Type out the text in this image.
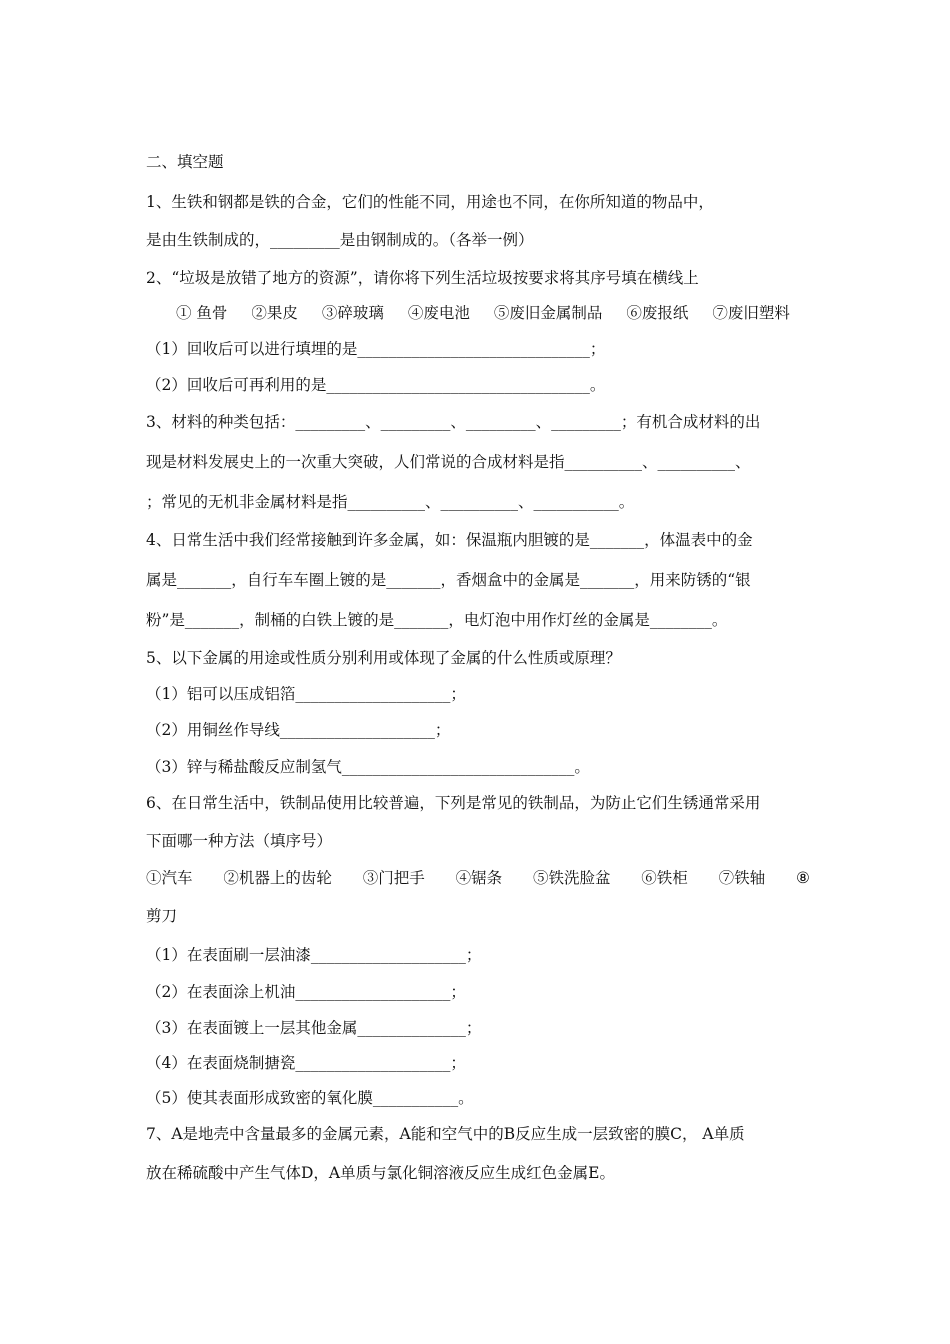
二、填空题
1、生铁和钢都是铁的合金，它们的性能不同，用途也不同，在你所知道的物品中，
是由生铁制成的，_________是由钢制成的。（各举一例）
2、“垃圾是放错了地方的资源”，请你将下列生活垃圾按要求将其序号填在横线上
① 鱼骨 ②果皮 ③碎玻璃 ④废电池 ⑤废旧金属制品 ⑥废报纸 ⑦废旧塑料
（1）回收后可以进行填埋的是______________________________；
（2）回收后可再利用的是__________________________________。
3、材料的种类包括：_________、_________、_________、_________；有机合成材料的出
现是材料发展史上的一次重大突破，人们常说的合成材料是指__________、__________、
；常见的无机非金属材料是指__________、__________、___________。
4、日常生活中我们经常接触到许多金属，如：保温瓶内胆镀的是_______，体温表中的金
属是_______，自行车车圈上镀的是_______，香烟盒中的金属是_______，用来防锈的“银
粉”是_______，制桶的白铁上镀的是_______，电灯泡中用作灯丝的金属是________。
5、以下金属的用途或性质分别利用或体现了金属的什么性质或原理？
（1）铝可以压成铝箔____________________；
（2）用铜丝作导线____________________；
（3）锌与稀盐酸反应制氢气______________________________。
6、在日常生活中，铁制品使用比较普遍，下列是常见的铁制品，为防止它们生锈通常采用
下面哪一种方法（填序号）
①汽车 ②机器上的齿轮 ③门把手 ④锯条 ⑤铁洗脸盆 ⑥铁柜 ⑦铁轴 ⑧
剪刀
（1）在表面刷一层油漆____________________；
（2）在表面涂上机油____________________；
（3）在表面镀上一层其他金属______________；
（4）在表面烧制搪瓷____________________；
（5）使其表面形成致密的氧化膜___________。
7、A是地壳中含量最多的金属元素，A能和空气中的B反应生成一层致密的膜C， A单质
放在稀硫酸中产生气体D，A单质与氯化铜溶液反应生成红色金属E。
